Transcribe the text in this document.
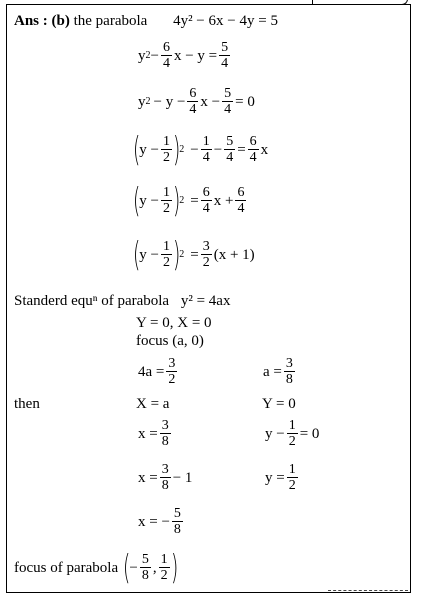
Ans : (b) the parabola 4y² − 6x − 4y = 5
y $2 - \frac{6}{4}$ $x - y = \frac{5}{4}$
y $2 - y - \frac{6}{4}$ $x - \frac{5}{4} = 0$
(
$y - \frac{1}{2}$ )
$2 - \frac{1}{4} - \frac{5}{4} = \frac{6}{4}$ x
(
$y - \frac{1}{2}$ )
$2 = \frac{6}{4}$ $x + \frac{6}{4}$
(
$y - \frac{1}{2}$ )
$2 = \frac{3}{2} (x + 1)$
Standerd equⁿ of parabola y² = 4ax
Y = 0, X = 0
focus (a, 0)
$4a = \frac{3}{2}$	$a = \frac{3}{8}$
then	X = a	Y = 0
$x = \frac{3}{8}$	$y - \frac{1}{2} = 0$
$x = \frac{3}{8} - 1$	$y = \frac{1}{2}$
x = − $\frac{5}{8}$
focus of parabola (
− $\frac{5}{8}$ , $\frac{1}{2}$ )
